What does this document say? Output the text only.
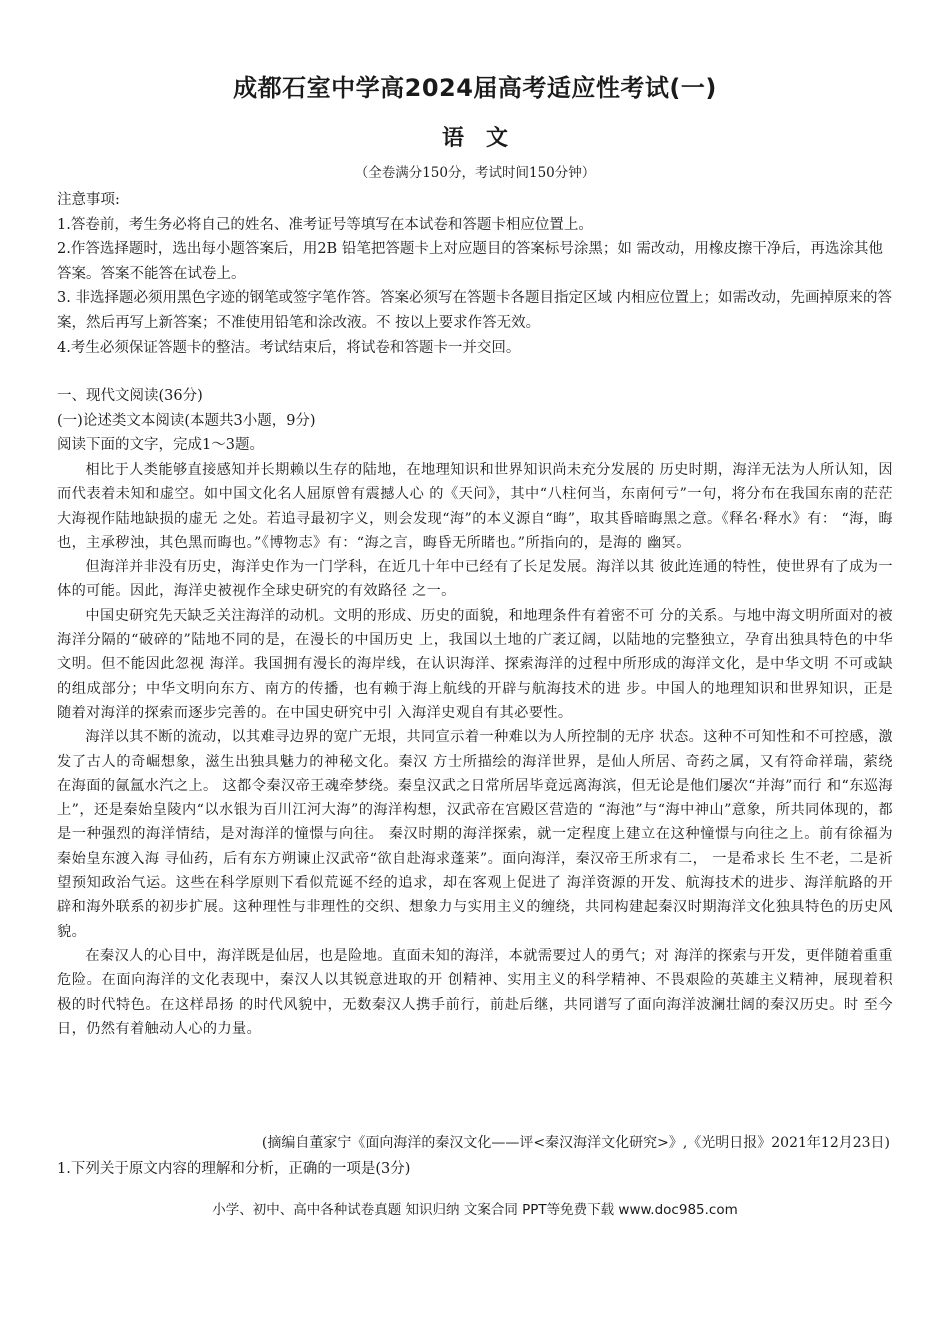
成都石室中学高2024届高考适应性考试(一)
语文
（全卷满分150分，考试时间150分钟）
注意事项:
1.答卷前，考生务必将自己的姓名、准考证号等填写在本试卷和答题卡相应位置上。
2.作答选择题时，选出每小题答案后，用2B 铅笔把答题卡上对应题目的答案标号涂黑；如 需改动，用橡皮擦干净后，再选涂其他答案。答案不能答在试卷上。
3. 非选择题必须用黑色字迹的钢笔或签字笔作答。答案必须写在答题卡各题目指定区域 内相应位置上；如需改动，先画掉原来的答案，然后再写上新答案；不准使用铅笔和涂改液。不 按以上要求作答无效。
4.考生必须保证答题卡的整洁。考试结束后，将试卷和答题卡一并交回。
一、现代文阅读(36分)
(一)论述类文本阅读(本题共3小题，9分)
阅读下面的文字，完成1～3题。

相比于人类能够直接感知并长期赖以生存的陆地，在地理知识和世界知识尚未充分发展的 历史时期，海洋无法为人所认知，因而代表着未知和虚空。如中国文化名人屈原曾有震撼人心 的《天问》，其中“八柱何当，东南何亏”一句，将分布在我国东南的茫茫大海视作陆地缺损的虚无 之处。若追寻最初字义，则会发现“海”的本义源自“晦”，取其昏暗晦黑之意。《释名·释水》有： “海，晦也，主承秽浊，其色黑而晦也。”《博物志》有：“海之言，晦昏无所睹也。”所指向的，是海的 幽冥。

但海洋并非没有历史，海洋史作为一门学科，在近几十年中已经有了长足发展。海洋以其 彼此连通的特性，使世界有了成为一体的可能。因此，海洋史被视作全球史研究的有效路径 之一。

中国史研究先天缺乏关注海洋的动机。文明的形成、历史的面貌，和地理条件有着密不可 分的关系。与地中海文明所面对的被海洋分隔的“破碎的”陆地不同的是，在漫长的中国历史 上，我国以土地的广袤辽阔，以陆地的完整独立，孕育出独具特色的中华文明。但不能因此忽视 海洋。我国拥有漫长的海岸线，在认识海洋、探索海洋的过程中所形成的海洋文化，是中华文明 不可或缺的组成部分；中华文明向东方、南方的传播，也有赖于海上航线的开辟与航海技术的进 步。中国人的地理知识和世界知识，正是随着对海洋的探索而逐步完善的。在中国史研究中引 入海洋史观自有其必要性。

海洋以其不断的流动，以其难寻边界的宽广无垠，共同宣示着一种难以为人所控制的无序 状态。这种不可知性和不可控感，激发了古人的奇崛想象，滋生出独具魅力的神秘文化。秦汉 方士所描绘的海洋世界，是仙人所居、奇药之属，又有符命祥瑞，萦绕在海面的氤氲水汽之上。 这都令秦汉帝王魂牵梦绕。秦皇汉武之日常所居毕竟远离海滨，但无论是他们屡次“并海”而行 和“东巡海上”，还是秦始皇陵内“以水银为百川江河大海”的海洋构想，汉武帝在宫殿区营造的 “海池”与“海中神山”意象，所共同体现的，都是一种强烈的海洋情结，是对海洋的憧憬与向往。 秦汉时期的海洋探索，就一定程度上建立在这种憧憬与向往之上。前有徐福为秦始皇东渡入海 寻仙药，后有东方朔谏止汉武帝“欲自赴海求蓬莱”。面向海洋，秦汉帝王所求有二， 一是希求长 生不老，二是祈望预知政治气运。这些在科学原则下看似荒诞不经的追求，却在客观上促进了 海洋资源的开发、航海技术的进步、海洋航路的开辟和海外联系的初步扩展。这种理性与非理性的交织、想象力与实用主义的缠绕，共同构建起秦汉时期海洋文化独具特色的历史风貌。

在秦汉人的心目中，海洋既是仙居，也是险地。直面未知的海洋，本就需要过人的勇气；对 海洋的探索与开发，更伴随着重重危险。在面向海洋的文化表现中，秦汉人以其锐意进取的开 创精神、实用主义的科学精神、不畏艰险的英雄主义精神，展现着积极的时代特色。在这样昂扬 的时代风貌中，无数秦汉人携手前行，前赴后继，共同谱写了面向海洋波澜壮阔的秦汉历史。时 至今日，仍然有着触动人心的力量。

(摘编自董家宁《面向海洋的秦汉文化——评<秦汉海洋文化研究>》,《光明日报》2021年12月23日)
1.下列关于原文内容的理解和分析，正确的一项是(3分)
小学、初中、高中各种试卷真题 知识归纳 文案合同 PPT等免费下载 www.doc985.com
